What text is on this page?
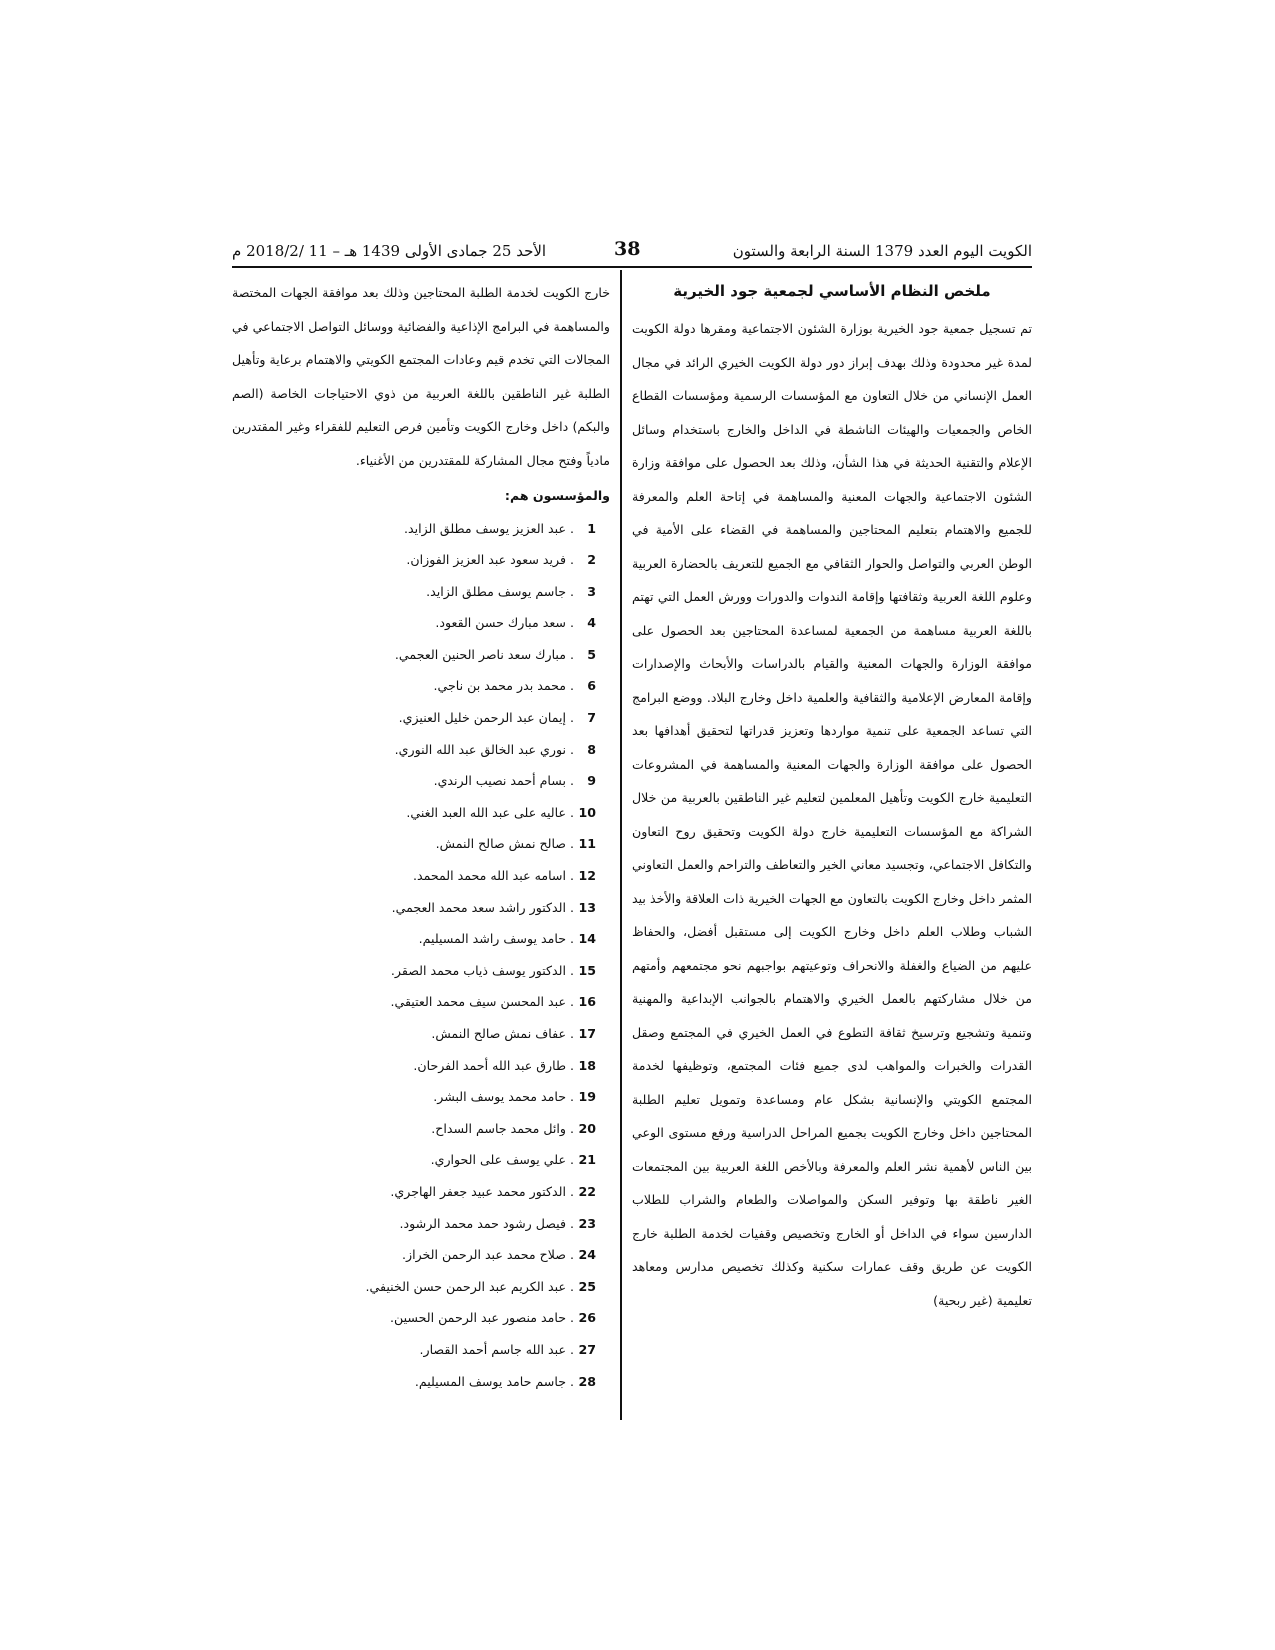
الكويت اليوم العدد 1379 السنة الرابعة والستون
38
الأحد 25 جمادى الأولى 1439 هـ – 11 /2018/2 م
ملخص النظام الأساسي لجمعية جود الخيرية

تم تسجيل جمعية جود الخيرية بوزارة الشئون الاجتماعية ومقرها دولة الكويت لمدة غير محدودة وذلك بهدف إبراز دور دولة الكويت الخيري الرائد في مجال العمل الإنساني من خلال التعاون مع المؤسسات الرسمية ومؤسسات القطاع الخاص والجمعيات والهيئات الناشطة في الداخل والخارج باستخدام وسائل الإعلام والتقنية الحديثة في هذا الشأن، وذلك بعد الحصول على موافقة وزارة الشئون الاجتماعية والجهات المعنية والمساهمة في إتاحة العلم والمعرفة للجميع والاهتمام بتعليم المحتاجين والمساهمة في القضاء على الأمية في الوطن العربي والتواصل والحوار الثقافي مع الجميع للتعريف بالحضارة العربية وعلوم اللغة العربية وثقافتها وإقامة الندوات والدورات وورش العمل التي تهتم باللغة العربية مساهمة من الجمعية لمساعدة المحتاجين بعد الحصول على موافقة الوزارة والجهات المعنية والقيام بالدراسات والأبحاث والإصدارات وإقامة المعارض الإعلامية والثقافية والعلمية داخل وخارج البلاد. ووضع البرامج التي تساعد الجمعية على تنمية مواردها وتعزيز قدراتها لتحقيق أهدافها بعد الحصول على موافقة الوزارة والجهات المعنية والمساهمة في المشروعات التعليمية خارج الكويت وتأهيل المعلمين لتعليم غير الناطقين بالعربية من خلال الشراكة مع المؤسسات التعليمية خارج دولة الكويت وتحقيق روح التعاون والتكافل الاجتماعي، وتجسيد معاني الخير والتعاطف والتراحم والعمل التعاوني المثمر داخل وخارج الكويت بالتعاون مع الجهات الخيرية ذات العلاقة والأخذ بيد الشباب وطلاب العلم داخل وخارج الكويت إلى مستقبل أفضل، والحفاظ عليهم من الضياع والغفلة والانحراف وتوعيتهم بواجبهم نحو مجتمعهم وأمتهم من خلال مشاركتهم بالعمل الخيري والاهتمام بالجوانب الإبداعية والمهنية وتنمية وتشجيع وترسيخ ثقافة التطوع في العمل الخيري في المجتمع وصقل القدرات والخبرات والمواهب لدى جميع فئات المجتمع، وتوظيفها لخدمة المجتمع الكويتي والإنسانية بشكل عام ومساعدة وتمويل تعليم الطلبة المحتاجين داخل وخارج الكويت بجميع المراحل الدراسية ورفع مستوى الوعي بين الناس لأهمية نشر العلم والمعرفة وبالأخص اللغة العربية بين المجتمعات الغير ناطقة بها وتوفير السكن والمواصلات والطعام والشراب للطلاب الدارسين سواء في الداخل أو الخارج وتخصيص وقفيات لخدمة الطلبة خارج الكويت عن طريق وقف عمارات سكنية وكذلك تخصيص مدارس ومعاهد تعليمية (غير ربحية)

خارج الكويت لخدمة الطلبة المحتاجين وذلك بعد موافقة الجهات المختصة والمساهمة في البرامج الإذاعية والفضائية ووسائل التواصل الاجتماعي في المجالات التي تخدم قيم وعادات المجتمع الكويتي والاهتمام برعاية وتأهيل الطلبة غير الناطقين باللغة العربية من ذوي الاحتياجات الخاصة (الصم والبكم) داخل وخارج الكويت وتأمين فرص التعليم للفقراء وغير المقتدرين مادياً وفتح مجال المشاركة للمقتدرين من الأغنياء.

والمؤسسون هم:
1. عبد العزيز يوسف مطلق الزايد.
2. فريد سعود عبد العزيز الفوزان.
3. جاسم يوسف مطلق الزايد.
4. سعد مبارك حسن القعود.
5. مبارك سعد ناصر الحنين العجمي.
6. محمد بدر محمد بن ناجي.
7. إيمان عبد الرحمن خليل العنيزي.
8. نوري عبد الخالق عبد الله النوري.
9. بسام أحمد نصيب الرندي.
10. عاليه على عبد الله العبد الغني.
11. صالح نمش صالح النمش.
12. اسامه عبد الله محمد المحمد.
13. الدكتور راشد سعد محمد العجمي.
14. حامد يوسف راشد المسيليم.
15. الدكتور يوسف ذياب محمد الصقر.
16. عبد المحسن سيف محمد العتيقي.
17. عفاف نمش صالح النمش.
18. طارق عبد الله أحمد الفرحان.
19. حامد محمد يوسف البشر.
20. وائل محمد جاسم السداح.
21. علي يوسف على الحواري.
22. الدكتور محمد عبيد جعفر الهاجري.
23. فيصل رشود حمد محمد الرشود.
24. صلاح محمد عبد الرحمن الخراز.
25. عبد الكريم عبد الرحمن حسن الخنيفي.
26. حامد منصور عبد الرحمن الحسين.
27. عبد الله جاسم أحمد القصار.
28. جاسم حامد يوسف المسيليم.
